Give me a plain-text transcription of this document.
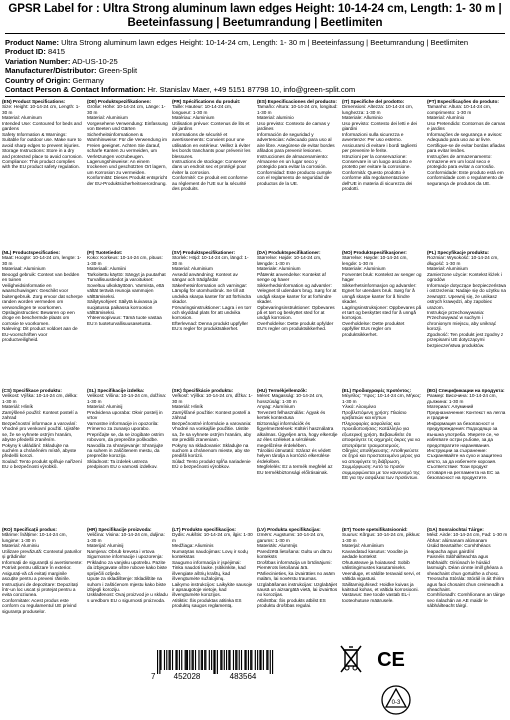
GPSR Label for : Ultra Strong aluminum lawn edges Height: 10-14-24 cm, Length: 1- 30 m | Beeteinfassung | Beetumrandung | Beetlimiten
Product Name: Ultra Strong aluminum lawn edges Height: 10-14-24 cm, Length: 1- 30 m | Beeteinfassung | Beetumrandung | Beetlimiten
Product ID: 8415
Variation Number: AD-US-10-25
Manufacturer/Distributor: Green-Split
Country of Origin: Germany
Contact Person & Contact Information: Hr. Stanislav Maer, +49 5151 87798 10, info@green-split.com

(EN) Product Specifications:

Size: Height: 10-14-24 cm, Length: 1-30 m

Material: Aluminum

Intended Use: Contoured for beds and gardens

Safety Information & Warnings: Suitable for outdoor use. Make sure to avoid sharp edges to prevent injuries.

Storage Instructions: Store in a dry and protected place to avoid corrosion.

Compliance: This product complies with the EU product safety regulation.

(DE) Produktspezifikationen:

Größe: Höhe: 10-14-24 cm, Länge: 1-30 m

Material: Aluminium

Vorgesehene Verwendung: Einfassung von Beeten und Gärten

Sicherheitsinformationen & Warnhinweise: Für die Verwendung im Freien geeignet. Achten Sie darauf, scharfe Kanten zu vermeiden, um Verletzungen vorzubeugen.

Lagerungshinweise: An einem trockenen und geschützten Ort lagern, um Korrosion zu vermeiden.

Konformität: Dieses Produkt entspricht der EU-Produktsicherheitsverordnung.

(FR) Spécifications du produit:

Taille: Hauteur: 10-14-24 cm, longueur: 1-30 m

Matériau: Aluminium

Utilisation prévue: Contenus de lits et de jardins

Informations de sécurité et avertissements: Convient pour une utilisation en extérieur. Veillez à éviter les bords tranchants pour prévenir les blessures.

Instructions de stockage: Conserver dans un endroit sec et protégé pour éviter la corrosion.

Conformité: Ce produit est conforme au règlement de l'UE sur la sécurité des produits.

(ES) Especificaciones del producto:

Tamaño: Altura: 10-14-24 cm, longitud: 1-30 m

Material: aluminio

Uso previsto: Contexto de camas y jardines

Información de seguridad y advertencias: Adecuado para uso al aire libre. Asegúrese de evitar bordes afilados para prevenir lesiones.

Instrucciones de almacenamiento: Almacene en un lugar seco y protegido para evitar la corrosión.

Conformidad: Este producto cumple con el reglamento de seguridad de productos de la UE.

(IT) Specifiche del prodotto:

Dimensioni: Altezza: 10-14-24 cm, lunghezza: 1-30 m

Materiale: Alluminio

Uso previsto: Contesto dei letti e dei giardini

Informazioni sulla sicurezza e avvertenze: Per uso esterno. Assicurarsi di evitare i bordi taglienti per prevenire le ferite.

Istruzioni per la conservazione: Conservare in un luogo asciutto e protetto per evitare la corrosione.

Conformità: Questo prodotto è conforme alla regolamentazione dell'UE in materia di sicurezza dei prodotti.

(PT) Especificações do produto:

Tamanho: Altura: 10-14-24 cm, comprimento: 1-30 m

Material: Alumínio

Uso Pretendido: Contornos de camas e jardins

Informações de segurança e avisos: Adequado para uso ao ar livre. Certifique-se de evitar bordas afiadas para evitar lesões.

Instruções de armazenamento: Armazene em um local seco e protegido para evitar a corrosão.

Conformidade: Este produto está em conformidade com o regulamento de segurança de produtos da UE.

(NL) Productspecificaties:

Maat: Hoogte: 10-14-24 cm, lengte: 1-30 m

Materiaal: Aluminium

Beoogd gebruik: Context van bedden en tuinen

Veiligheidsinformatie en waarschuwingen: Geschikt voor buitengebruik. Zorg ervoor dat scherpe randen worden vermeden om verwondingen te voorkomen.

Opslaginstructies: Bewaren op een droge en beschermde plaats om corrosie te voorkomen.

Naleving: Dit product voldoet aan de EU-voorschriften voor productveiligheid.

(FI) Tuotetiedot:

Koko: Korkeus: 10-14-24 cm, pituus: 1-30 m

Materiaali: Alumiini

Tarkoitettu käyttö: Sängyt ja puutarhat

Turvallisuustiedot ja varoitukset: Soveltuu ulkokäyttöön. Varmista, että vältät teräviä reunoja vammojen välttämiseksi.

Säilytysohjeet: Säilytä kuivassa ja suojatussa paikassa korroosion välttämiseksi.

Yhteensopivuus: Tämä tuote vastaa EU:n tuoteturvallisuusasetusta.

(SV) Produktspecifikationer:

Storlek: Höjd: 10-14-24 cm, längd: 1-30 m

Material: Aluminium

Avsedd användning: Kontext av sängar och trädgårdar

Säkerhetsinformation och varningar: Lämplig för utomhusbruk. Se till att undvika skarpa kanter för att förhindra skador.

Förvaringsinstruktioner: Lagra i en torr och skyddad plats för att undvika korrosion.

Efterlevnad: Denna produkt uppfyller EU:s regler för produktsäkerhet.

(DA) Produktspecifikationer:

Størrelse: Højde: 10-14-24 cm, længde: 1-30 m

Materiale: Aluminium

Påtænkt anvendelse: Kontekst af senge og haver

Sikkerhedsinformation og advarsler: Velegnet til udendørs brug. Sørg for at undgå skarpe kanter for at forhindre skader.

Opbevaringsinstruktioner: Opbevares på et tørt og beskyttet sted for at undgå korrosion.

Overholdelse: Dette produkt opfylder EU's regler om produktsikkerhed.

(NO) Produktspesifikasjoner:

Størrelse: Høyde: 10-14-24 cm, lengde: 1-30 m

Materiale: Aluminium

Forventet bruk: Kontekst av senger og hager

Sikkerhetsinformasjon og advarsler: Egnet for utendørs bruk. Sørg for å unngå skarpe kanter for å hindre skader.

Lagringsinstruksjoner: Oppbevares på et tørt og beskyttet sted for å unngå korrosjon.

Overholdelse: Dette produktet oppfyller EUs regler om produktsikkerhet.

(PL) Specyfikacje produktu:

Rozmiar: Wysokość: 10-14-24 cm, długość: 1-30 m

Materiał: Aluminium

Zamierzone użycie: Kontekst łóżek i ogrodów

Informacje dotyczące bezpieczeństwa i ostrzeżenia: Nadaje się do użytku na zewnątrz. Upewnij się, że unikasz ostrych krawędzi, aby zapobiec urazom.

Instrukcje przechowywania: Przechowywać w suchym i chronionym miejscu, aby uniknąć korozji.

Zgodność: Ten produkt jest zgodny z przepisami UE dotyczącymi bezpieczeństwa produktów.

(CS) Specifikace produktu:

Velikost: Výška: 10-14-24 cm, délka: 1-30 m

Materiál: Hliník

Zamýšlené použití: Kontext postelí a zahrad

Bezpečnostní informace a varování: Vhodné pro venkovní použití. Ujistěte se, že se vyhnete ostrým hranám, abyste předešli zraněním.

Pokyny k ukládání: Skladujte na suchém a chráněném místě, abyste předešli korozi.

Soulad: Tento produkt splňuje nařízení EU o bezpečnosti výrobků.

(SL) Specifikacije izdelka:

Velikost: Višina: 10-14-24 cm, dolžina: 1-30 m

Material: Aluminij

Predvidena uporaba: Okvir postelj in vrtov

Varnostne informacije in opozorila: Primerno za zunanjo uporabo. Prepričajte se, da se izogibate ostrim robovom, da preprečite poškodbe.

Navodila za shranjevanje: Shranjujte na suhem in zaščitenem mestu, da preprečite korozijo.

Skladnost: Ta izdelek ustreza predpisom EU o varnosti izdelkov.

(SK) Špecifikácie produktu:

Veľkosť: Výška: 10-14-24 cm, dĺžka: 1-30 m

Materiál: Hliník

Zamýšľané použitie: Kontext postelí a záhrad

Bezpečnostné informácie a varovania: Vhodné na vonkajšie použitie. Uistite sa, že sa vyhnete ostrým hranám, aby ste predišli zraneniam.

Pokyny na skladovanie: Skladujte na suchom a chránenom mieste, aby ste predišli korózii.

Súlad: Tento produkt spĺňa nariadenie EÚ o bezpečnosti výrobkov.

(HU) Termékjellemzők:

Méret: Magasság: 10-14-24 cm, hosszúság: 1-30 m

Anyag: Alumínium

Tervezett felhasználás: Ágyak és kertek kontextusa

Biztonsági információk és figyelmeztetések: Kültéri használatra alkalmas. Ügyeljen arra, hogy elkerülje az éles széleket a sérülések megelőzése érdekében.

Tárolási útmutató: Száraz és védett helyen tárolja a korrózió elkerülése érdekében.

Megfelelés: Ez a termék megfelel az EU termékbiztonsági előírásainak.

(EL) Προδιαγραφές προϊόντος:

Μέγεθος: Ύψος: 10-14-24 cm, Μήκος: 1-30 m

Υλικό: Αλουμίνιο

Προβλεπόμενη χρήση: Πλαίσιο κρεβατιών και κήπων

Πληροφορίες ασφαλείας και προειδοποιήσεις: Κατάλληλο για εξωτερική χρήση. Βεβαιωθείτε ότι αποφεύγετε τις αιχμηρές άκρες για να αποτρέψετε τραυματισμούς.

Οδηγίες αποθήκευσης: Αποθηκεύστε σε ξηρό και προστατευμένο μέρος για να αποφύγετε τη διάβρωση.

Συμμόρφωση: Αυτό το προϊόν συμμορφώνεται με τον κανονισμό της ΕΕ για την ασφάλεια των προϊόντων.

(BG) Спецификации на продукта:

Размер: Височина: 10-14-24 cm, дължина: 1-30 m

Материал: Алуминий

Предназначение: Контекст на легла и градини

Информация за безопасност и предупреждения: Подходящо за външна употреба. Уверете се, че избягвате остри ръбове, за да предотвратите наранявания.

Инструкции за съхранение: Съхранявайте на сухо и защитено място, за да избегнете корозия.

Съответствие: Този продукт отговаря на регламента на ЕС за безопасност на продуктите.

(RO) Specificații produs:

Mărime: Înălțime: 10-14-24 cm, lungime: 1-30 m

Material: Aluminiu

Utilizare prevăzută: Contextul paturilor și grădinilor

Informații de siguranță și avertismente: Potrivit pentru utilizare în exterior. Asigurați-vă că evitați marginile ascuțite pentru a preveni rănirile.

Instrucțiuni de depozitare: Depozitați într-un loc uscat și protejat pentru a evita coroziunea.

Conformitate: Acest produs este conform cu regulamentul UE privind siguranța produselor.

(HR) Specifikacije proizvoda:

Veličina: Visina: 10-14-24 cm, duljina: 1-30 m

Materijal: Aluminij

Namjena: Obrub kreveta i vrtova

Sigurnosne informacije i upozorenja: Prikladno za vanjsku upotrebu. Pazite da izbjegavate oštre rubove kako biste spriječili ozljede.

Upute za skladištenje: Skladištite na suhom i zaštićenom mjestu kako biste izbjegli koroziju.

Usklađenost: Ovaj proizvod je u skladu s uredbom EU o sigurnosti proizvoda.

(LT) Produkto specifikacijos:

Dydis: Aukštis: 10-14-24 cm, ilgis: 1-30 m

Medžiaga: Aliuminis

Numatytas naudojimas: Lovų ir sodų kontekstas

Saugumo informacija ir įspėjimai: Tinka naudoti lauke. Įsitikinkite, kad išvengiate aštrių kraštų, kad išvengtumėte sužalojimų.

Laikymo instrukcijos: Laikykite sausoje ir apsaugotoje vietoje, kad išvengtumėte korozijos.

Atitiktis: Šis produktas atitinka ES produktų saugos reglamentą.

(LV) Produkta specifikācijas:

Izmērs: Augstums: 10-14-24 cm, garums: 1-30 m

Materiāls: Alumīnijs

Paredzētā lietošana: Gultu un dārzu konteksts

Drošības informācija un brīdinājumi: Piemērots lietošanai ārā. Pārliecinieties, ka izvairāties no asām malām, lai novērstu traumas.

Uzglabāšanas instrukcijas: Uzglabājiet sausā un aizsargātā vietā, lai izvairītos no korozijas.

Atbilstība: Šis produkts atbilst ES produktu drošības regulai.

(ET) Toote spetsifikatsioonid:

Suurus: Kõrgus: 10-14-24 cm, pikkus: 1-30 m

Materjal: Alumiinium

Kavandatud kasutus: Voodite ja aedade kontekst

Ohutusteave ja hoiatused: Sobib välistingimustes kasutamiseks. Veenduge, et väldite teravaid servi, et vältida vigastusi.

Säilitamisjuhised: Hoidke kuivas ja kaitstud kohas, et vältida korrosiooni.

Vastavus: See toode vastab EL-i tooteohutuse määrusele.

(GA) Sonraíochtaí Táirge:

Méid: Airde: 10-14-24 cm, Fad: 1-30 m

Ábhar: alúmanam alúmanam

Úsáid Beartaithe: Comhthéacs leapacha agus gairdíní

Faisnéis Sábháilteachta agus Rabhaidh: Oiriúnach le húsáid lasmuigh. Déan cinnte imill ghéara a sheachaint chun gortuithe a chosc.

Treoracha Stórála: Stóráil in áit thirim agus faoi chosaint chun creimeadh a sheachaint.

Comhlíonadh: Comhlíonann an táirge seo rialachán an AE maidir le sábháilteacht táirgí.

7 452028	483564
CE
0-3
